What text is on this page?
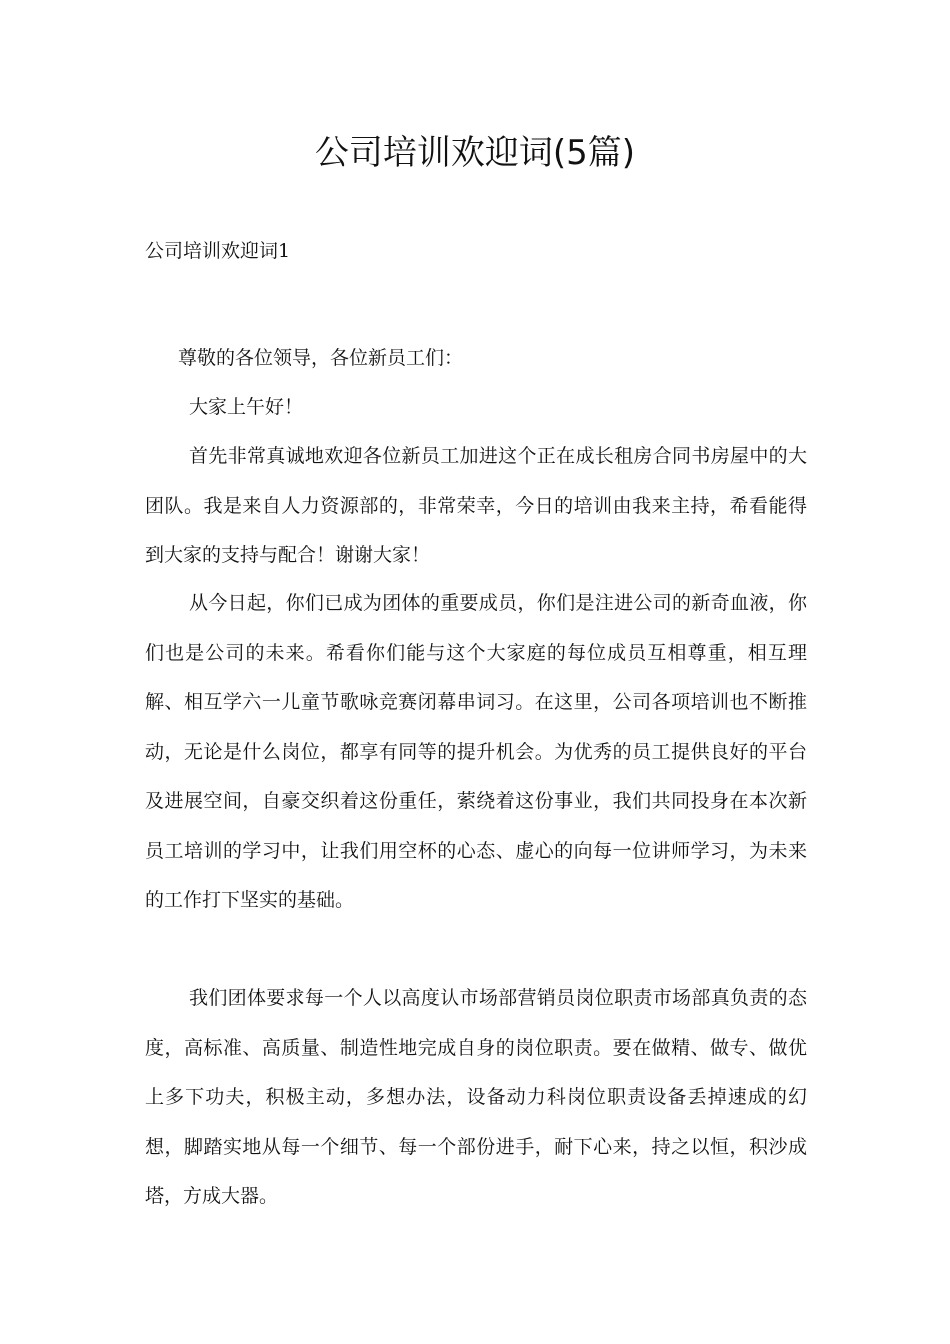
公司培训欢迎词(5篇)
公司培训欢迎词1

尊敬的各位领导，各位新员工们：

大家上午好！

首先非常真诚地欢迎各位新员工加进这个正在成长租房合同书房屋中的大团队。我是来自人力资源部的，非常荣幸，今日的培训由我来主持，希看能得到大家的支持与配合！谢谢大家！

从今日起，你们已成为团体的重要成员，你们是注进公司的新奇血液，你们也是公司的未来。希看你们能与这个大家庭的每位成员互相尊重，相互理解、相互学六一儿童节歌咏竞赛闭幕串词习。在这里，公司各项培训也不断推动，无论是什么岗位，都享有同等的提升机会。为优秀的员工提供良好的平台及进展空间，自豪交织着这份重任，萦绕着这份事业，我们共同投身在本次新员工培训的学习中，让我们用空杯的心态、虚心的向每一位讲师学习，为未来的工作打下坚实的基础。

我们团体要求每一个人以高度认市场部营销员岗位职责市场部真负责的态度，高标准、高质量、制造性地完成自身的岗位职责。要在做精、做专、做优上多下功夫，积极主动，多想办法，设备动力科岗位职责设备丢掉速成的幻想，脚踏实地从每一个细节、每一个部份进手，耐下心来，持之以恒，积沙成塔，方成大器。
